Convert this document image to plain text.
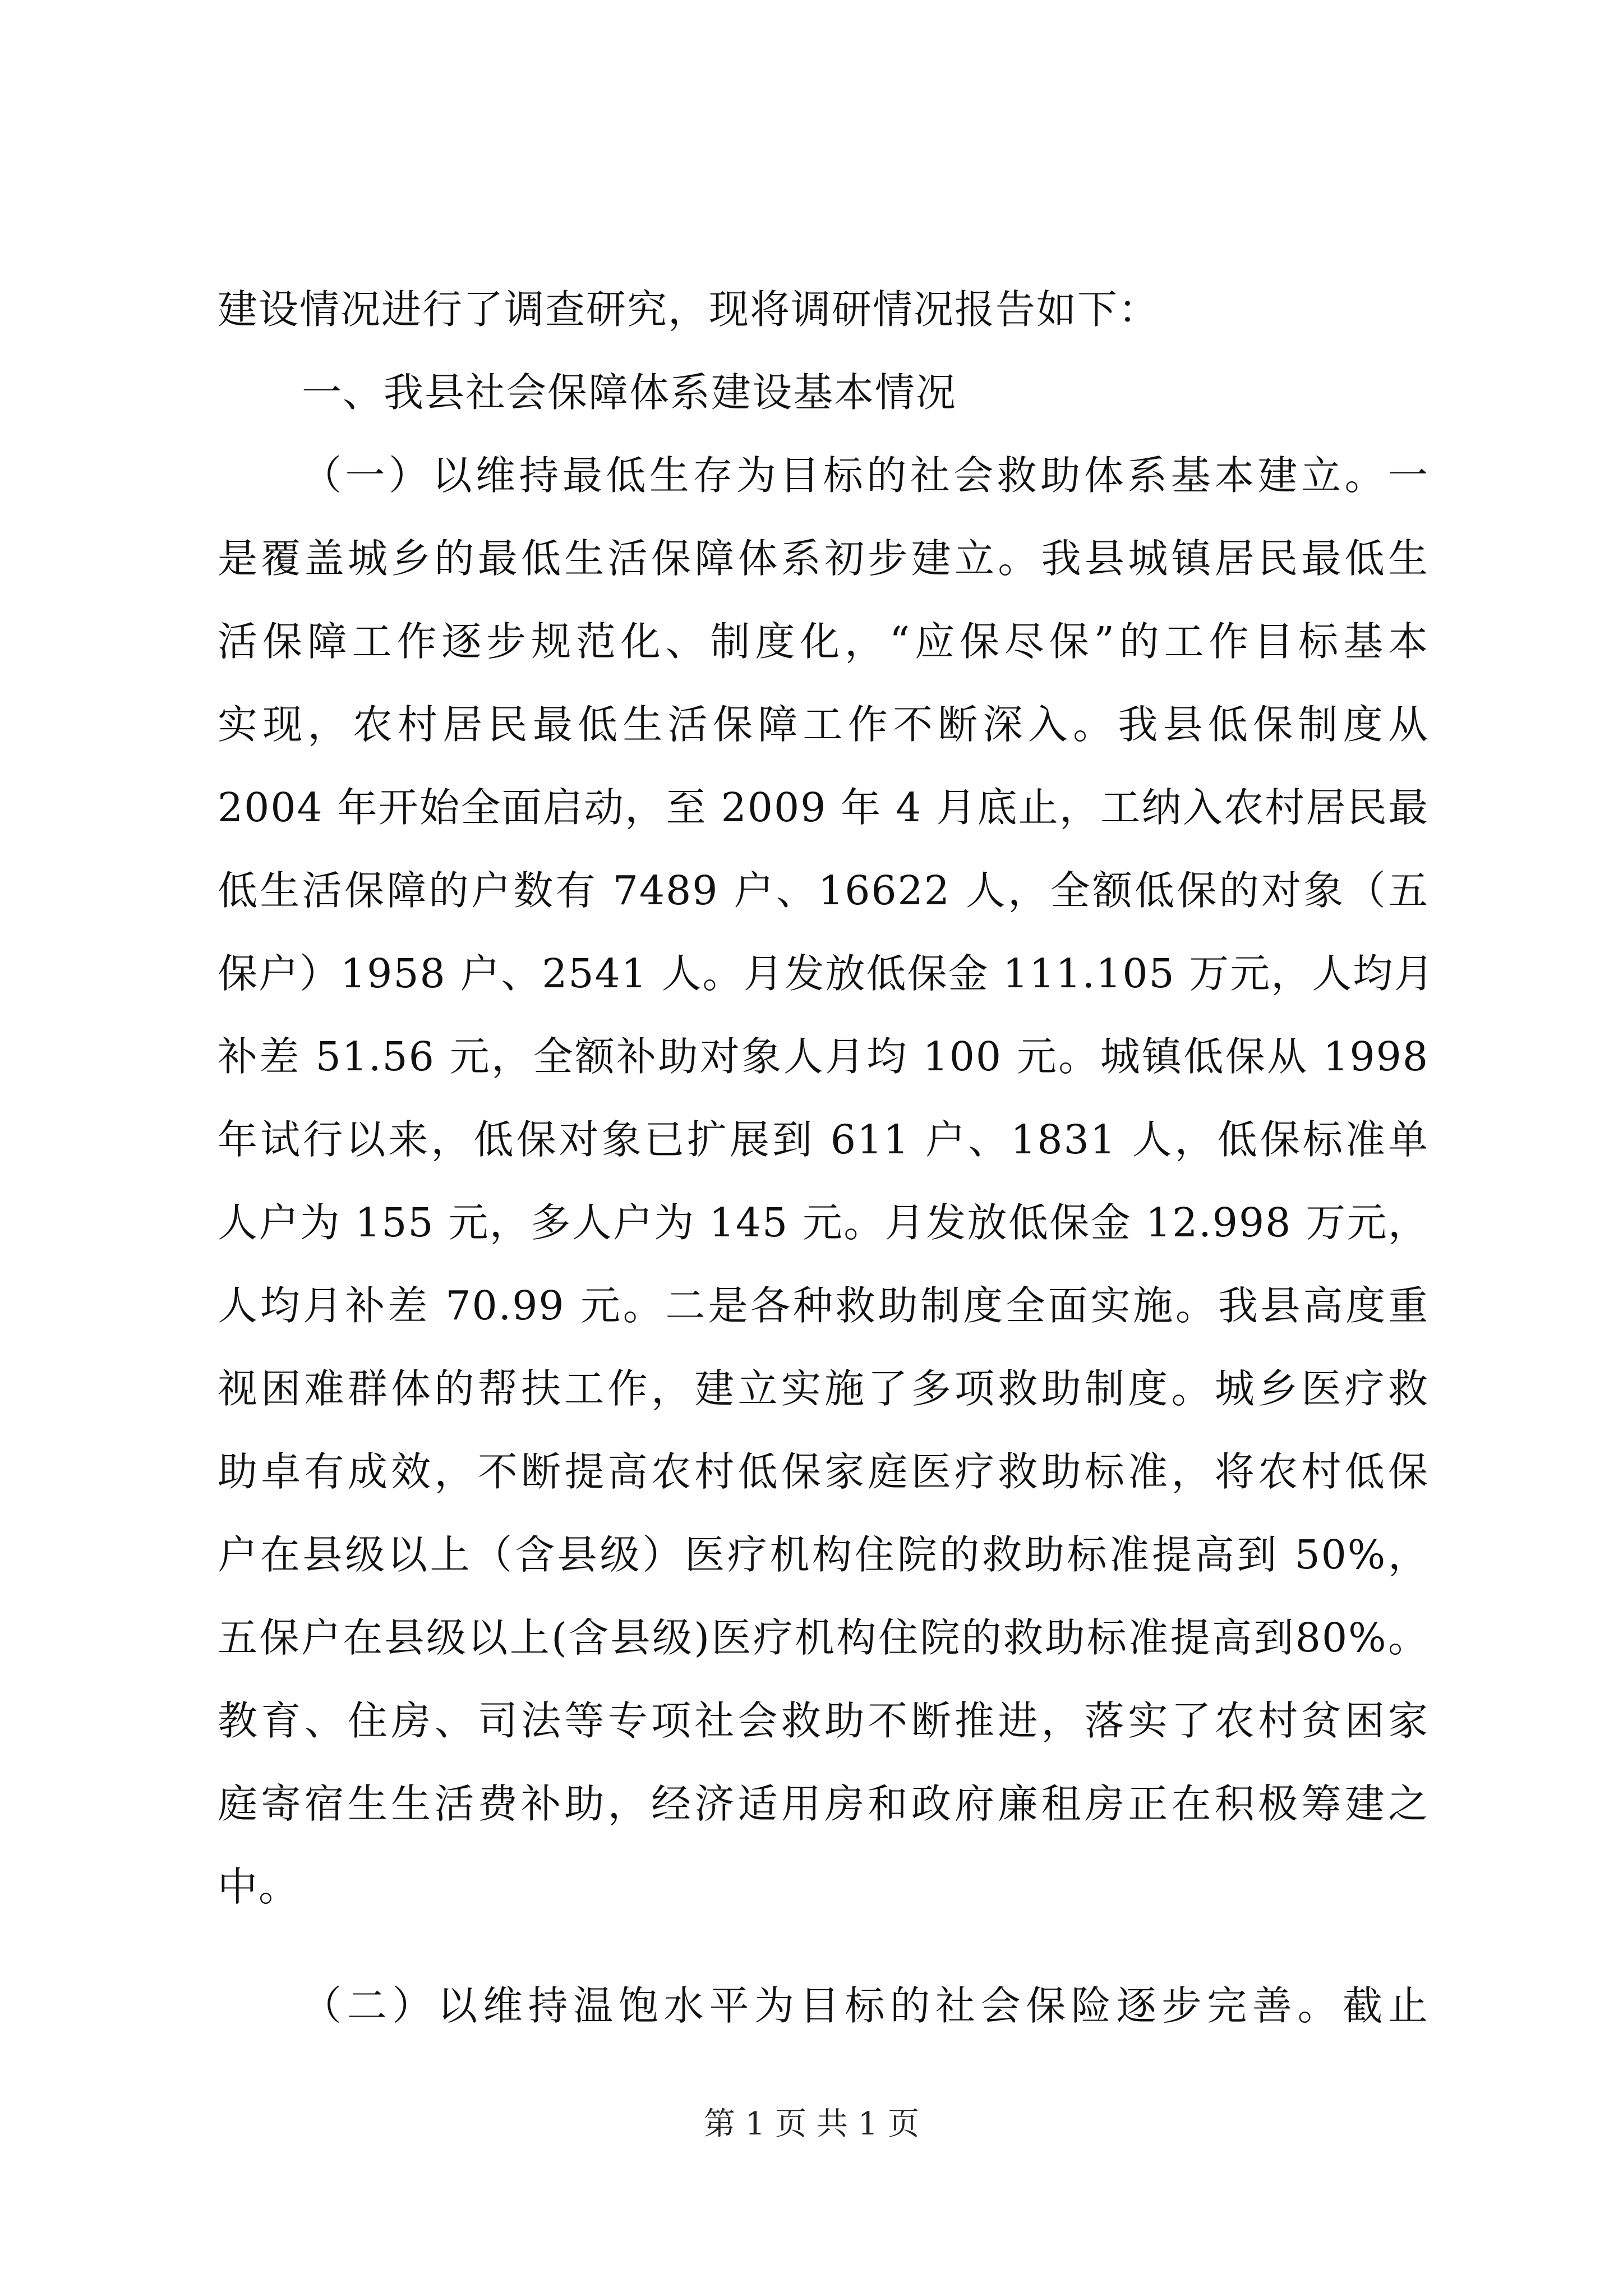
建设情况进行了调查研究，现将调研情况报告如下：
一、我县社会保障体系建设基本情况
（一）以维持最低生存为目标的社会救助体系基本建立。一
是覆盖城乡的最低生活保障体系初步建立。我县城镇居民最低生
活保障工作逐步规范化、制度化，“应保尽保”的工作目标基本
实现，农村居民最低生活保障工作不断深入。我县低保制度从
2004 年开始全面启动，至 2009 年 4 月底止，工纳入农村居民最
低生活保障的户数有 7489 户、16622 人，全额低保的对象（五
保户）1958 户、2541 人。月发放低保金 111.105 万元，人均月
补差 51.56 元，全额补助对象人月均 100 元。城镇低保从 1998
年试行以来，低保对象已扩展到 611 户、1831 人，低保标准单
人户为 155 元，多人户为 145 元。月发放低保金 12.998 万元，
人均月补差 70.99 元。二是各种救助制度全面实施。我县高度重
视困难群体的帮扶工作，建立实施了多项救助制度。城乡医疗救
助卓有成效，不断提高农村低保家庭医疗救助标准，将农村低保
户在县级以上（含县级）医疗机构住院的救助标准提高到 50%，
五保户在县级以上(含县级)医疗机构住院的救助标准提高到80%。
教育、住房、司法等专项社会救助不断推进，落实了农村贫困家
庭寄宿生生活费补助，经济适用房和政府廉租房正在积极筹建之
中。
（二）以维持温饱水平为目标的社会保险逐步完善。截止
第 1 页 共 1 页
